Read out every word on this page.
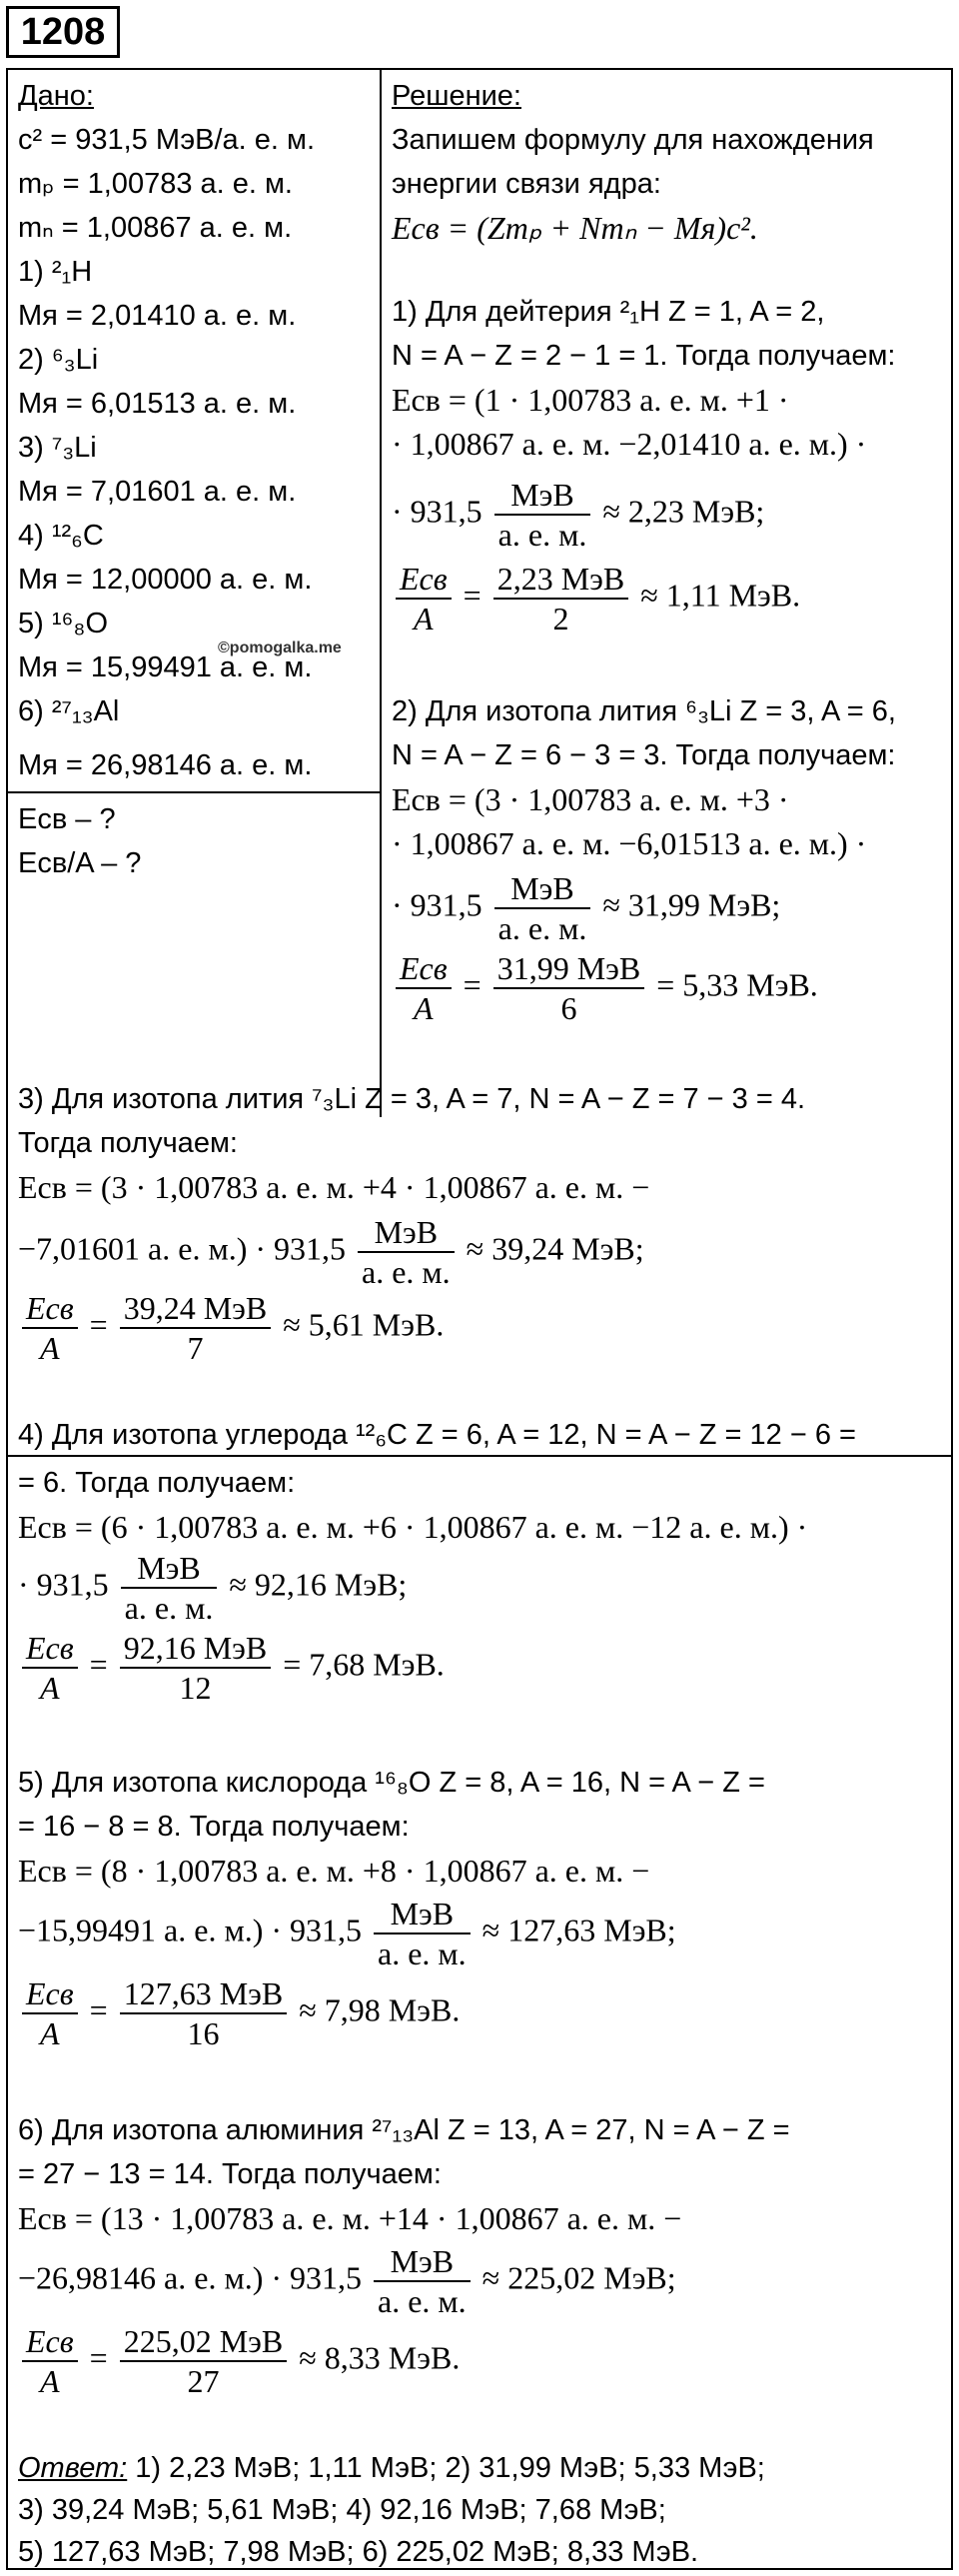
1208
Дано:
c² = 931,5 МэВ/а. е. м.
mₚ = 1,00783 а. е. м.
mₙ = 1,00867 а. е. м.
1) ²₁H
Mя = 2,01410 а. е. м.
2) ⁶₃Li
Mя = 6,01513 а. е. м.
3) ⁷₃Li
Mя = 7,01601 а. е. м.
4) ¹²₆C
Mя = 12,00000 а. е. м.
5) ¹⁶₈O
Mя = 15,99491 а. е. м.
6) ²⁷₁₃Al
Mя = 26,98146 а. е. м.
©pomogalka.me
Eсв – ?
Eсв/A – ?
Решение:
Запишем формулу для нахождения
энергии связи ядра:
Eсв = (Zmₚ + Nmₙ − Mя)c².
1) Для дейтерия ²₁H Z = 1, A = 2,
N = A − Z = 2 − 1 = 1. Тогда получаем:
Eсв = (1 · 1,00783 а. е. м. +1 ·
· 1,00867 а. е. м. −2,01410 а. е. м.) ·
· $931,5 \frac{\text{МэВ}}{а. е. м.} \approx 2,23$ МэВ;
$\frac{\text{Eсв}}{A} = \frac{\text{2,23 МэВ}}{2} \approx 1,11$ МэВ.
2) Для изотопа лития ⁶₃Li Z = 3, A = 6,
N = A − Z = 6 − 3 = 3. Тогда получаем:
Eсв = (3 · 1,00783 а. е. м. +3 ·
· 1,00867 а. е. м. −6,01513 а. е. м.) ·
· $931,5 \frac{\text{МэВ}}{а. е. м.} \approx 31,99$ МэВ;
$\frac{\text{Eсв}}{A} = \frac{\text{31,99 МэВ}}{6} = 5,33$ МэВ.
3) Для изотопа лития ⁷₃Li Z = 3, A = 7, N = A − Z = 7 − 3 = 4.
Тогда получаем:
Eсв = (3 · 1,00783 а. е. м. +4 · 1,00867 а. е. м. −
−7,01601 а. е. $м.) \cdot 931,5 \frac{\text{МэВ}}{а. е. м.} \approx 39,24$ МэВ;
$\frac{\text{Eсв}}{A} = \frac{\text{39,24 МэВ}}{7} \approx 5,61$ МэВ.
4) Для изотопа углерода ¹²₆C Z = 6, A = 12, N = A − Z = 12 − 6 =
= 6. Тогда получаем:
Eсв = (6 · 1,00783 а. е. м. +6 · 1,00867 а. е. м. −12 а. е. м.) ·
· $931,5 \frac{\text{МэВ}}{а. е. м.} \approx 92,16$ МэВ;
$\frac{\text{Eсв}}{A} = \frac{\text{92,16 МэВ}}{12} = 7,68$ МэВ.
5) Для изотопа кислорода ¹⁶₈O Z = 8, A = 16, N = A − Z =
= 16 − 8 = 8. Тогда получаем:
Eсв = (8 · 1,00783 а. е. м. +8 · 1,00867 а. е. м. −
−15,99491 а. е. $м.) \cdot 931,5 \frac{\text{МэВ}}{а. е. м.} \approx 127,63$ МэВ;
$\frac{\text{Eсв}}{A} = \frac{\text{127,63 МэВ}}{16} \approx 7,98$ МэВ.
6) Для изотопа алюминия ²⁷₁₃Al Z = 13, A = 27, N = A − Z =
= 27 − 13 = 14. Тогда получаем:
Eсв = (13 · 1,00783 а. е. м. +14 · 1,00867 а. е. м. −
−26,98146 а. е. $м.) \cdot 931,5 \frac{\text{МэВ}}{а. е. м.} \approx 225,02$ МэВ;
$\frac{\text{Eсв}}{A} = \frac{\text{225,02 МэВ}}{27} \approx 8,33$ МэВ.
Ответ: 1) 2,23 МэВ; 1,11 МэВ; 2) 31,99 МэВ; 5,33 МэВ;
3) 39,24 МэВ; 5,61 МэВ; 4) 92,16 МэВ; 7,68 МэВ;
5) 127,63 МэВ; 7,98 МэВ; 6) 225,02 МэВ; 8,33 МэВ.
